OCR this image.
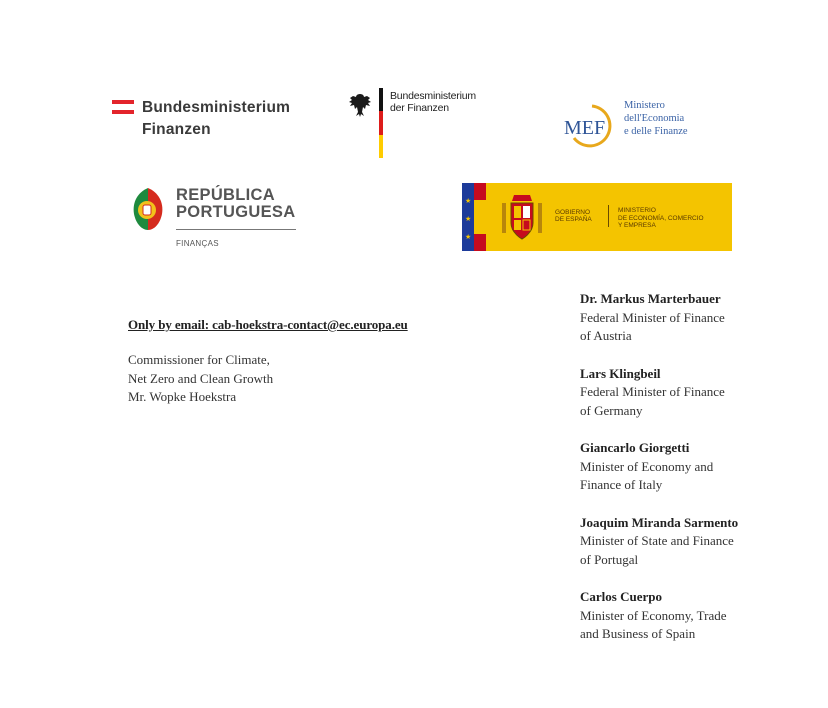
Bundesministerium
Finanzen
Bundesministerium
der Finanzen
MEF
Ministero
dell'Economia
e delle Finanze
REPÚBLICA
PORTUGUESA
FINANÇAS
★
★
★
GOBIERNO
DE ESPAÑA
MINISTERIO
DE ECONOMÍA, COMERCIO
Y EMPRESA
Only by email: cab-hoekstra-contact@ec.europa.eu
Commissioner for Climate,
Net Zero and Clean Growth
Mr. Wopke Hoekstra
Dr. Markus Marterbauer
Federal Minister of Finance
of Austria
Lars Klingbeil
Federal Minister of Finance
of Germany
Giancarlo Giorgetti
Minister of Economy and
Finance of Italy
Joaquim Miranda Sarmento
Minister of State and Finance
of Portugal
Carlos Cuerpo
Minister of Economy, Trade
and Business of Spain
